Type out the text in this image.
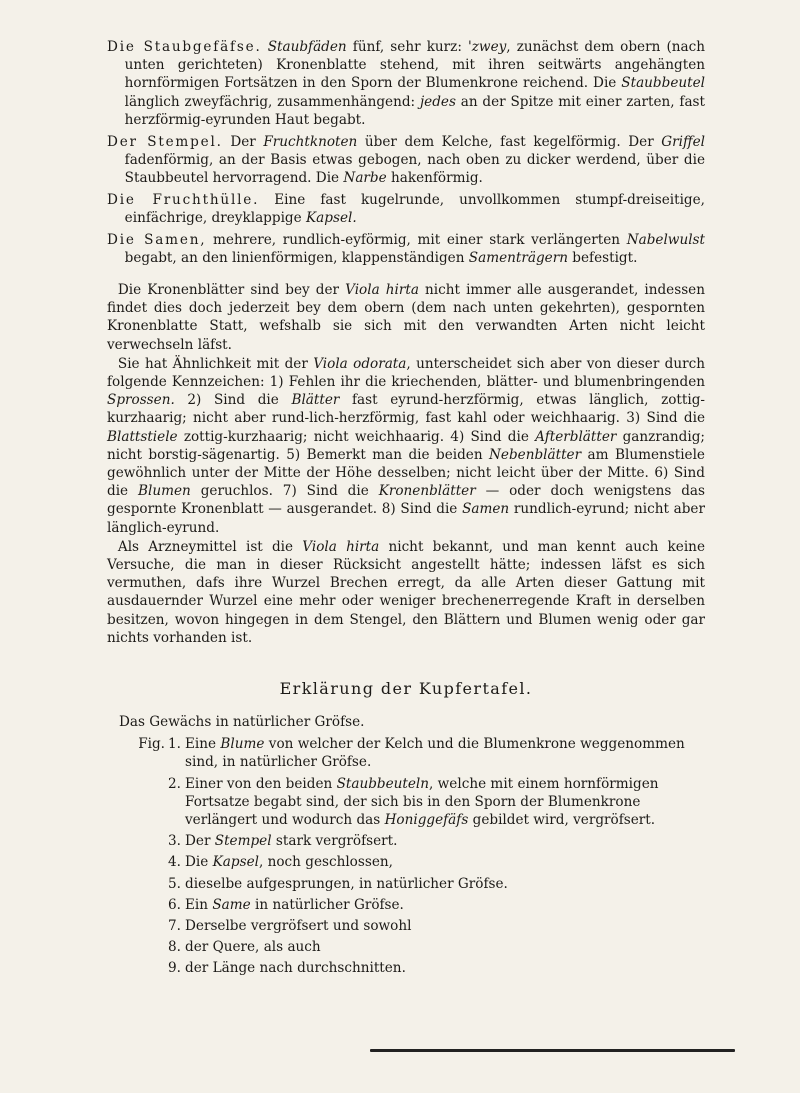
Die Staubgefäfse. Staubfäden fünf, sehr kurz: 'zwey, zunächst dem obern (nach unten gerichteten) Kronenblatte stehend, mit ihren seitwärts angehängten hornförmigen Fortsätzen in den Sporn der Blumenkrone reichend. Die Staubbeutel länglich zweyfächrig, zusammenhängend: jedes an der Spitze mit einer zarten, fast herzförmig-eyrunden Haut begabt.

Der Stempel. Der Fruchtknoten über dem Kelche, fast kegelförmig. Der Griffel fadenförmig, an der Basis etwas gebogen, nach oben zu dicker werdend, über die Staubbeutel hervorragend. Die Narbe hakenförmig.

Die Fruchthülle. Eine fast kugelrunde, unvollkommen stumpf-dreiseitige, einfächrige, dreyklappige Kapsel.

Die Samen, mehrere, rundlich-eyförmig, mit einer stark verlängerten Nabelwulst begabt, an den linienförmigen, klappenständigen Samenträgern befestigt.

Die Kronenblätter sind bey der Viola hirta nicht immer alle ausgerandet, indessen findet dies doch jederzeit bey dem obern (dem nach unten gekehrten), gespornten Kronenblatte Statt, wefshalb sie sich mit den verwandten Arten nicht leicht verwechseln läfst.

Sie hat Ähnlichkeit mit der Viola odorata, unterscheidet sich aber von dieser durch folgende Kennzeichen: 1) Fehlen ihr die kriechenden, blätter- und blumenbringenden Sprossen. 2) Sind die Blätter fast eyrund-herzförmig, etwas länglich, zottig-kurzhaarig; nicht aber rund-lich-herzförmig, fast kahl oder weichhaarig. 3) Sind die Blattstiele zottig-kurzhaarig; nicht weichhaarig. 4) Sind die Afterblätter ganzrandig; nicht borstig-sägenartig. 5) Bemerkt man die beiden Nebenblätter am Blumenstiele gewöhnlich unter der Mitte der Höhe desselben; nicht leicht über der Mitte. 6) Sind die Blumen geruchlos. 7) Sind die Kronenblätter — oder doch wenigstens das gespornte Kronenblatt — ausgerandet. 8) Sind die Samen rundlich-eyrund; nicht aber länglich-eyrund.

Als Arzneymittel ist die Viola hirta nicht bekannt, und man kennt auch keine Versuche, die man in dieser Rücksicht angestellt hätte; indessen läfst es sich vermuthen, dafs ihre Wurzel Brechen erregt, da alle Arten dieser Gattung mit ausdauernder Wurzel eine mehr oder weniger brechenerregende Kraft in derselben besitzen, wovon hingegen in dem Stengel, den Blättern und Blumen wenig oder gar nichts vorhanden ist.

Erklärung der Kupfertafel.
Das Gewächs in natürlicher Gröfse.
Fig. 1. Eine Blume von welcher der Kelch und die Blumenkrone weggenommen sind, in natürlicher Gröfse.
2. Einer von den beiden Staubbeuteln, welche mit einem hornförmigen Fortsatze begabt sind, der sich bis in den Sporn der Blumenkrone verlängert und wodurch das Honiggefäfs gebildet wird, vergröfsert.
3. Der Stempel stark vergröfsert.
4. Die Kapsel, noch geschlossen,
5. dieselbe aufgesprungen, in natürlicher Gröfse.
6. Ein Same in natürlicher Gröfse.
7. Derselbe vergröfsert und sowohl
8. der Quere, als auch
9. der Länge nach durchschnitten.
